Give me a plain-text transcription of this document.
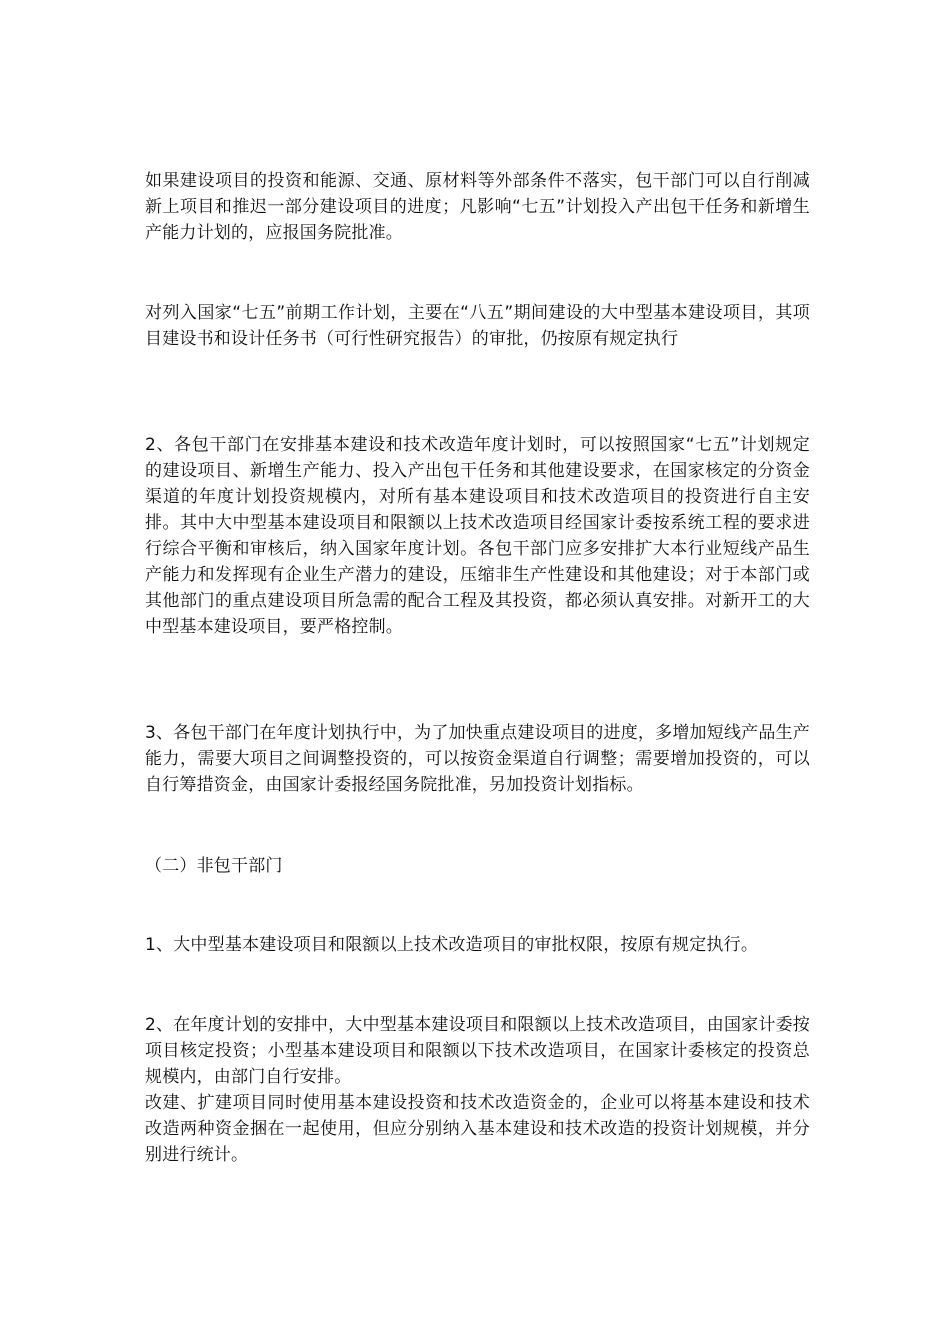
如果建设项目的投资和能源、交通、原材料等外部条件不落实，包干部门可以自行削减新上项目和推迟一部分建设项目的进度；凡影响“七五”计划投入产出包干任务和新增生产能力计划的，应报国务院批准。

对列入国家“七五”前期工作计划，主要在“八五”期间建设的大中型基本建设项目，其项目建设书和设计任务书（可行性研究报告）的审批，仍按原有规定执行

2、各包干部门在安排基本建设和技术改造年度计划时，可以按照国家“七五”计划规定的建设项目、新增生产能力、投入产出包干任务和其他建设要求，在国家核定的分资金渠道的年度计划投资规模内，对所有基本建设项目和技术改造项目的投资进行自主安排。其中大中型基本建设项目和限额以上技术改造项目经国家计委按系统工程的要求进行综合平衡和审核后，纳入国家年度计划。各包干部门应多安排扩大本行业短线产品生产能力和发挥现有企业生产潜力的建设，压缩非生产性建设和其他建设；对于本部门或其他部门的重点建设项目所急需的配合工程及其投资，都必须认真安排。对新开工的大中型基本建设项目，要严格控制。

3、各包干部门在年度计划执行中，为了加快重点建设项目的进度，多增加短线产品生产能力，需要大项目之间调整投资的，可以按资金渠道自行调整；需要增加投资的，可以自行筹措资金，由国家计委报经国务院批准，另加投资计划指标。

（二）非包干部门

1、大中型基本建设项目和限额以上技术改造项目的审批权限，按原有规定执行。

2、在年度计划的安排中，大中型基本建设项目和限额以上技术改造项目，由国家计委按项目核定投资；小型基本建设项目和限额以下技术改造项目，在国家计委核定的投资总规模内，由部门自行安排。

改建、扩建项目同时使用基本建设投资和技术改造资金的，企业可以将基本建设和技术改造两种资金捆在一起使用，但应分别纳入基本建设和技术改造的投资计划规模，并分别进行统计。
